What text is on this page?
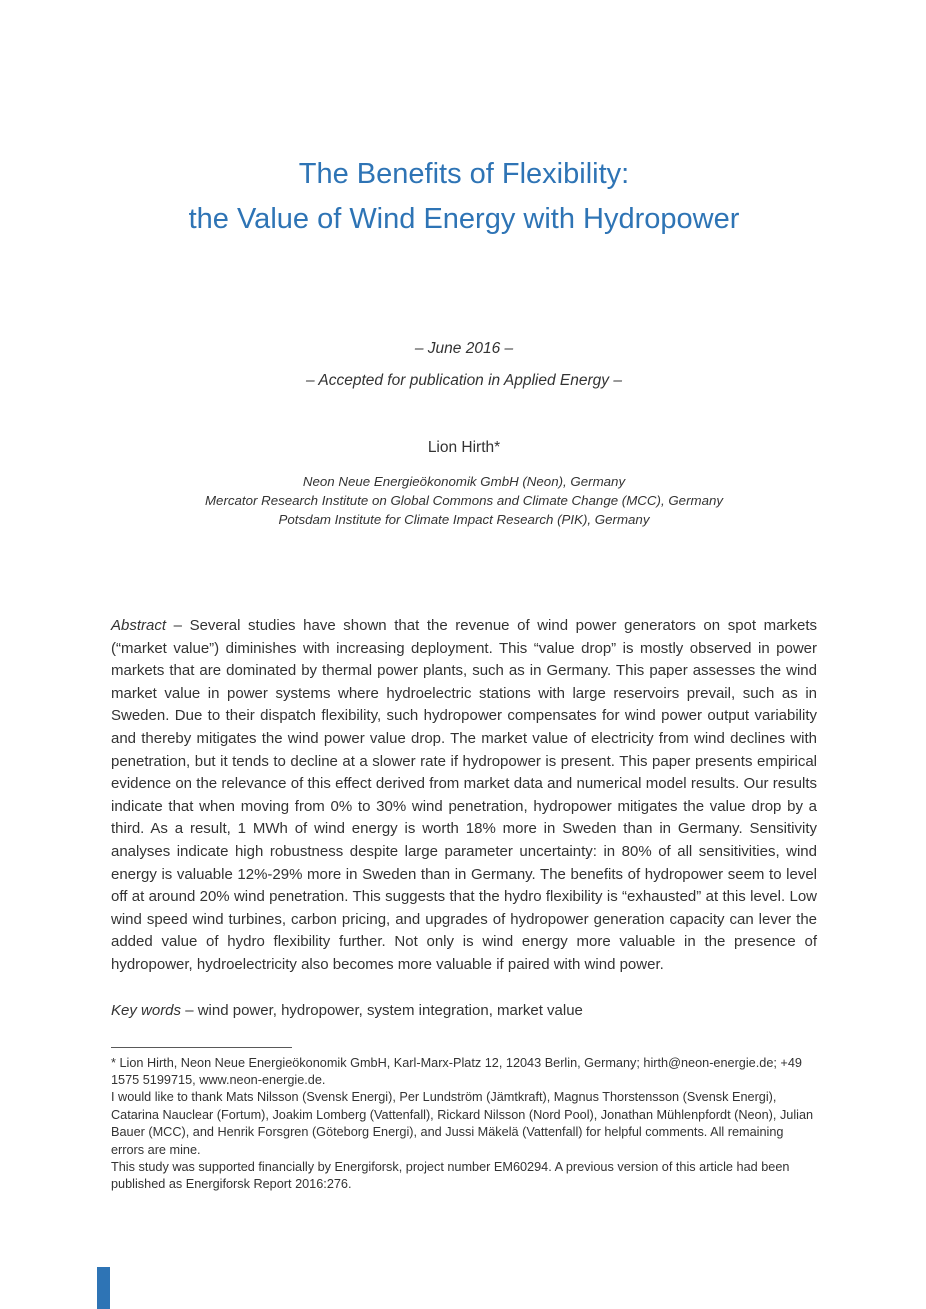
The Benefits of Flexibility:
the Value of Wind Energy with Hydropower

– June 2016 –

– Accepted for publication in Applied Energy –

Lion Hirth*

Neon Neue Energieökonomik GmbH (Neon), Germany

Mercator Research Institute on Global Commons and Climate Change (MCC), Germany

Potsdam Institute for Climate Impact Research (PIK), Germany

Abstract – Several studies have shown that the revenue of wind power generators on spot markets (“market value”) diminishes with increasing deployment. This “value drop” is mostly observed in power markets that are dominated by thermal power plants, such as in Germany. This paper assesses the wind market value in power systems where hydroelectric stations with large reservoirs prevail, such as in Sweden. Due to their dispatch flexibility, such hydropower compensates for wind power output variability and thereby mitigates the wind power value drop. The market value of electricity from wind declines with penetration, but it tends to decline at a slower rate if hydropower is present. This paper presents empirical evidence on the relevance of this effect derived from market data and numerical model results. Our results indicate that when moving from 0% to 30% wind penetration, hydropower mitigates the value drop by a third. As a result, 1 MWh of wind energy is worth 18% more in Sweden than in Germany. Sensitivity analyses indicate high robustness despite large parameter uncertainty: in 80% of all sensitivities, wind energy is valuable 12%-29% more in Sweden than in Germany. The benefits of hydropower seem to level off at around 20% wind penetration. This suggests that the hydro flexibility is “exhausted” at this level. Low wind speed wind turbines, carbon pricing, and upgrades of hydropower generation capacity can lever the added value of hydro flexibility further. Not only is wind energy more valuable in the presence of hydropower, hydroelectricity also becomes more valuable if paired with wind power.

Key words – wind power, hydropower, system integration, market value

* Lion Hirth, Neon Neue Energieökonomik GmbH, Karl-Marx-Platz 12, 12043 Berlin, Germany; hirth@neon-energie.de; +49 1575 5199715, www.neon-energie.de.

I would like to thank Mats Nilsson (Svensk Energi), Per Lundström (Jämtkraft), Magnus Thorstensson (Svensk Energi), Catarina Nauclear (Fortum), Joakim Lomberg (Vattenfall), Rickard Nilsson (Nord Pool), Jonathan Mühlenpfordt (Neon), Julian Bauer (MCC), and Henrik Forsgren (Göteborg Energi), and Jussi Mäkelä (Vattenfall) for helpful comments. All remaining errors are mine.

This study was supported financially by Energiforsk, project number EM60294. A previous version of this article had been published as Energiforsk Report 2016:276.
